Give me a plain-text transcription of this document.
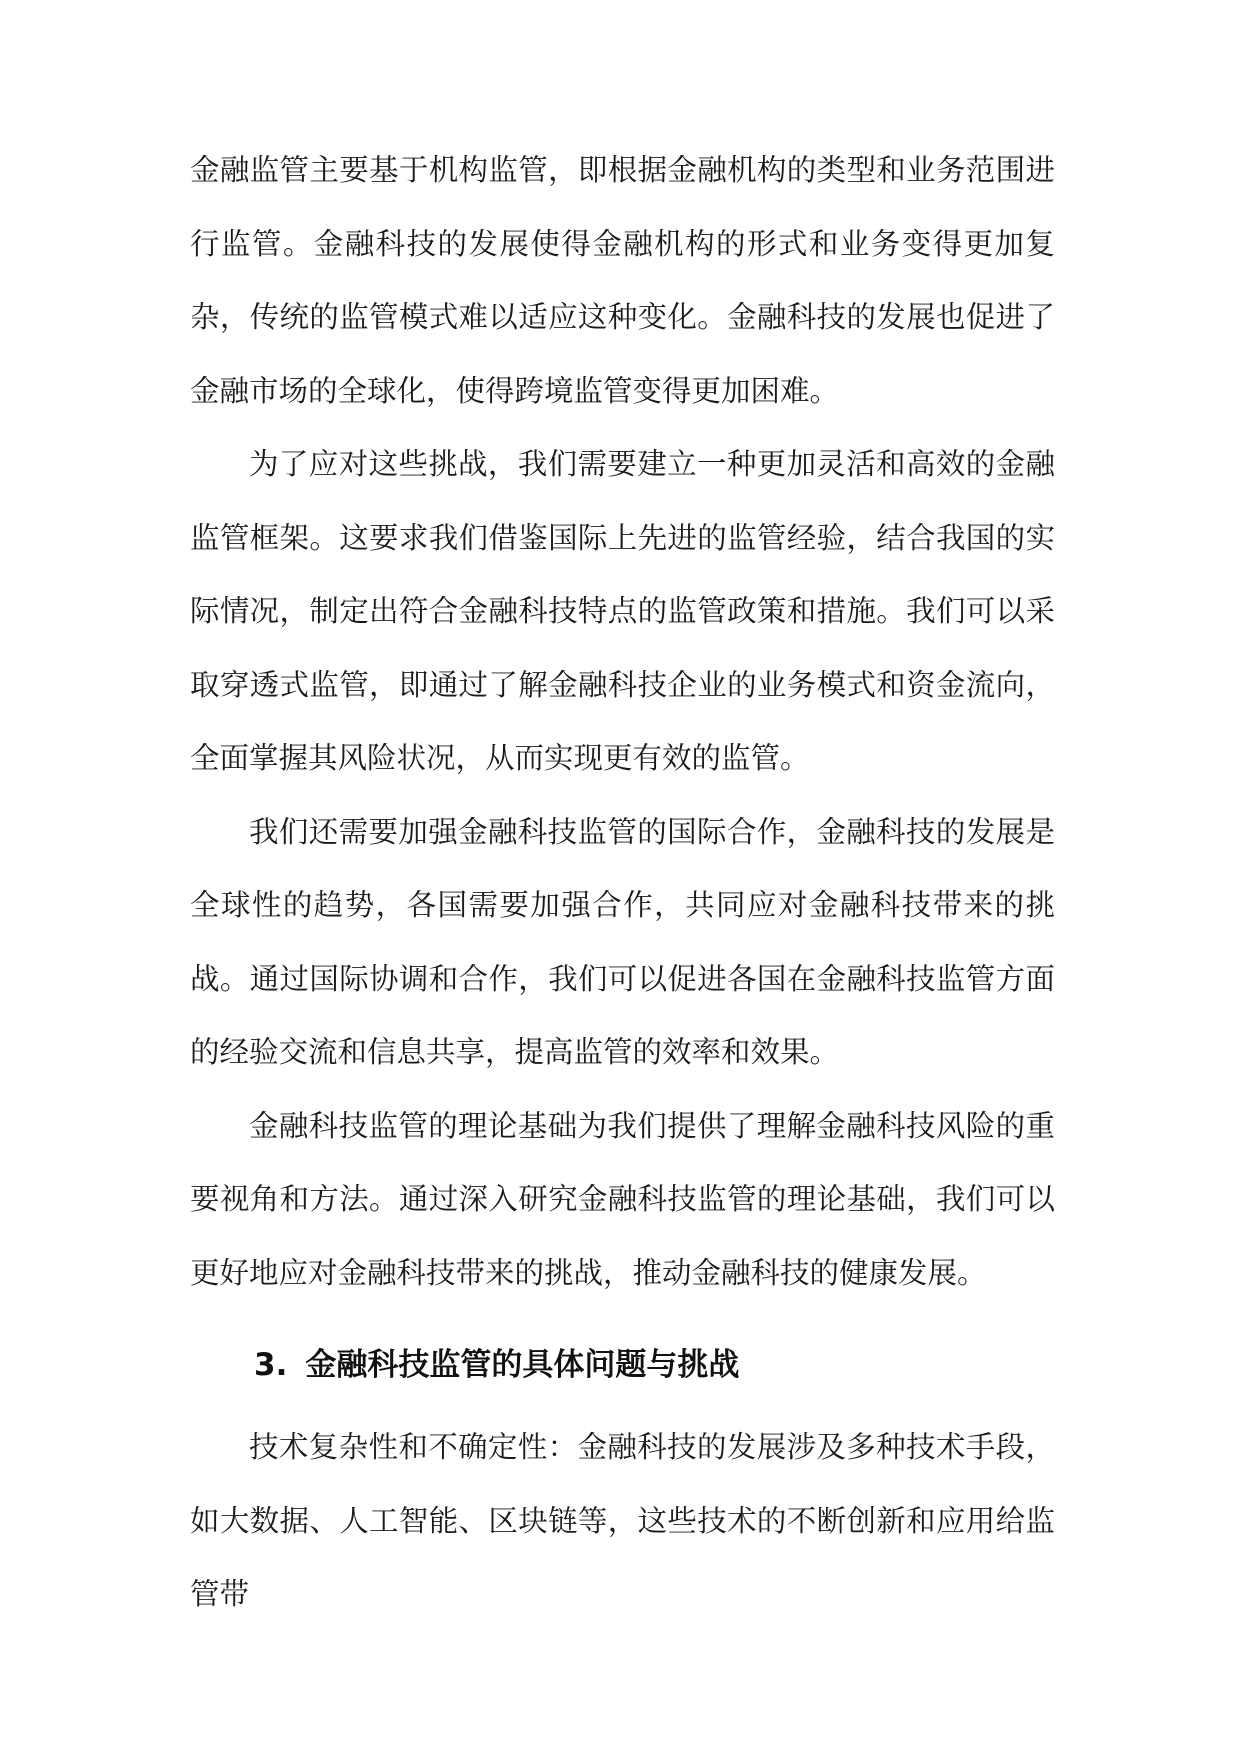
金融监管主要基于机构监管，即根据金融机构的类型和业务范围进行监管。金融科技的发展使得金融机构的形式和业务变得更加复杂，传统的监管模式难以适应这种变化。金融科技的发展也促进了金融市场的全球化，使得跨境监管变得更加困难。

为了应对这些挑战，我们需要建立一种更加灵活和高效的金融监管框架。这要求我们借鉴国际上先进的监管经验，结合我国的实际情况，制定出符合金融科技特点的监管政策和措施。我们可以采取穿透式监管，即通过了解金融科技企业的业务模式和资金流向，全面掌握其风险状况，从而实现更有效的监管。

我们还需要加强金融科技监管的国际合作，金融科技的发展是全球性的趋势，各国需要加强合作，共同应对金融科技带来的挑战。通过国际协调和合作，我们可以促进各国在金融科技监管方面的经验交流和信息共享，提高监管的效率和效果。

金融科技监管的理论基础为我们提供了理解金融科技风险的重要视角和方法。通过深入研究金融科技监管的理论基础，我们可以更好地应对金融科技带来的挑战，推动金融科技的健康发展。

3. 金融科技监管的具体问题与挑战

技术复杂性和不确定性：金融科技的发展涉及多种技术手段，如大数据、人工智能、区块链等，这些技术的不断创新和应用给监管带
